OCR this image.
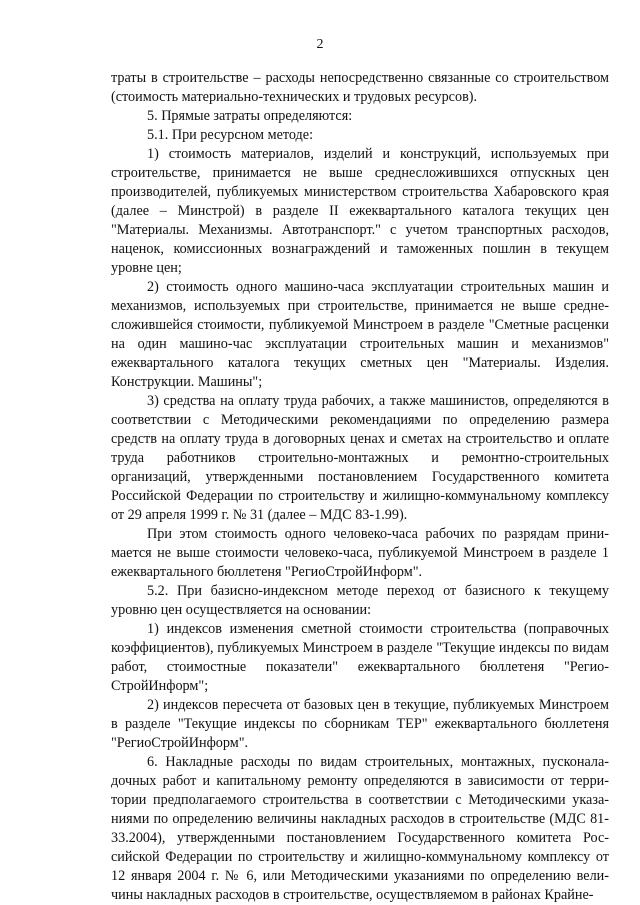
2

траты в строительстве – расходы непосредственно связанные со строительством (стоимость материально-технических и трудовых ресурсов).

5. Прямые затраты определяются:

5.1. При ресурсном методе:

1) стоимость материалов, изделий и конструкций, используемых при строительстве, принимается не выше среднесложившихся отпускных цен производителей, публикуемых министерством строительства Хабаровского края (далее – Минстрой) в разделе II ежеквартального каталога текущих цен "Материалы. Механизмы. Автотранспорт." с учетом транспортных расходов, наценок, комиссионных вознаграждений и таможенных пошлин в текущем уровне цен;

2) стоимость одного машино-часа эксплуатации строительных машин и механизмов, используемых при строительстве, принимается не выше среднесложившейся стоимости, публикуемой Минстроем в разделе "Сметные расценки на один машино-час эксплуатации строительных машин и механизмов" ежеквартального каталога текущих сметных цен "Материалы. Изделия. Конструкции. Машины";

3) средства на оплату труда рабочих, а также машинистов, определяются в соответствии с Методическими рекомендациями по определению размера средств на оплату труда в договорных ценах и сметах на строительство и оплате труда работников строительно-монтажных и ремонтно-строительных организаций, утвержденными постановлением Государственного комитета Российской Федерации по строительству и жилищно-коммунальному комплексу от 29 апреля 1999 г. № 31 (далее – МДС 83-1.99).

При этом стоимость одного человеко-часа рабочих по разрядам принимается не выше стоимости человеко-часа, публикуемой Минстроем в разделе 1 ежеквартального бюллетеня "РегиоСтройИнформ".

5.2. При базисно-индексном методе переход от базисного к текущему уровню цен осуществляется на основании:

1) индексов изменения сметной стоимости строительства (поправочных коэффициентов), публикуемых Минстроем в разделе "Текущие индексы по видам работ, стоимостные показатели" ежеквартального бюллетеня "РегиоСтройИнформ";

2) индексов пересчета от базовых цен в текущие, публикуемых Минстроем в разделе "Текущие индексы по сборникам ТЕР" ежеквартального бюллетеня "РегиоСтройИнформ".

6. Накладные расходы по видам строительных, монтажных, пусконаладочных работ и капитальному ремонту определяются в зависимости от территории предполагаемого строительства в соответствии с Методическими указаниями по определению величины накладных расходов в строительстве (МДС 81-33.2004), утвержденными постановлением Государственного комитета Российской Федерации по строительству и жилищно-коммунальному комплексу от 12 января 2004 г. № 6, или Методическими указаниями по определению величины накладных расходов в строительстве, осуществляемом в районах Крайне-
